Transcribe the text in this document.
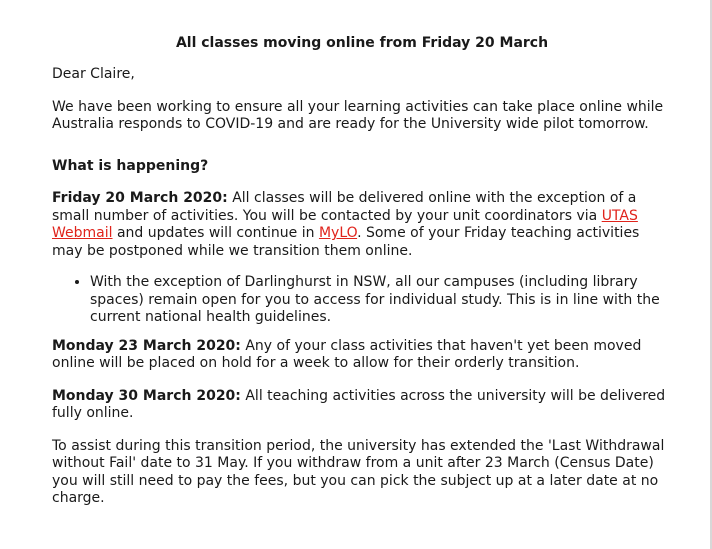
All classes moving online from Friday 20 March

Dear Claire,

We have been working to ensure all your learning activities can take place online while Australia responds to COVID-19 and are ready for the University wide pilot tomorrow.

What is happening?

Friday 20 March 2020: All classes will be delivered online with the exception of a small number of activities. You will be contacted by your unit coordinators via UTAS Webmail and updates will continue in MyLO. Some of your Friday teaching activities may be postponed while we transition them online.

• With the exception of Darlinghurst in NSW, all our campuses (including library spaces) remain open for you to access for individual study. This is in line with the current national health guidelines.

Monday 23 March 2020: Any of your class activities that haven't yet been moved online will be placed on hold for a week to allow for their orderly transition.

Monday 30 March 2020: All teaching activities across the university will be delivered fully online.

To assist during this transition period, the university has extended the 'Last Withdrawal without Fail' date to 31 May. If you withdraw from a unit after 23 March (Census Date) you will still need to pay the fees, but you can pick the subject up at a later date at no charge.
